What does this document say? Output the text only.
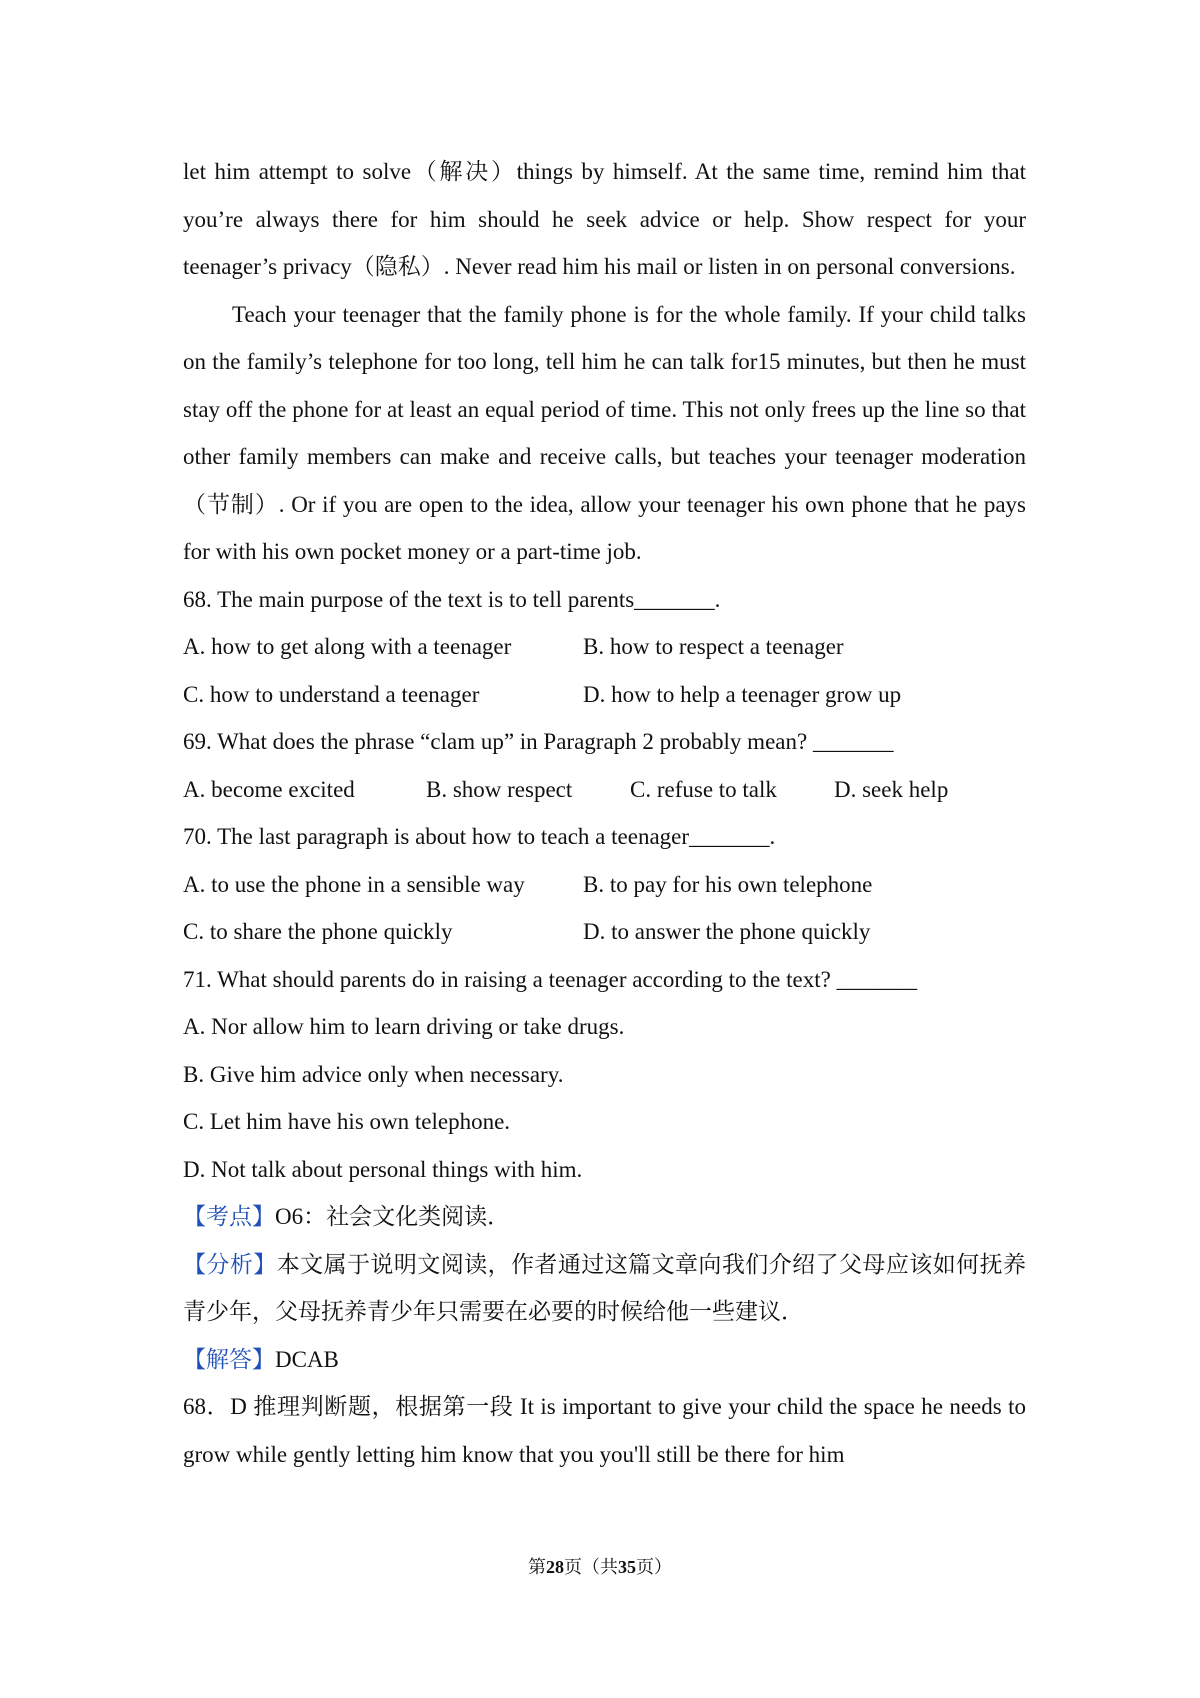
let him attempt to solve（解决）things by himself. At the same time, remind him that you’re always there for him should he seek advice or help. Show respect for your teenager’s privacy（隐私）. Never read him his mail or listen in on personal conversions.

Teach your teenager that the family phone is for the whole family. If your child talks on the family’s telephone for too long, tell him he can talk for15 minutes, but then he must stay off the phone for at least an equal period of time. This not only frees up the line so that other family members can make and receive calls, but teaches your teenager moderation（节制）. Or if you are open to the idea, allow your teenager his own phone that he pays for with his own pocket money or a part-time job.

68. The main purpose of the text is to tell parents_______.

A. how to get along with a teenager	B. how to respect a teenager
C. how to understand a teenager	D. how to help a teenager grow up

69. What does the phrase “clam up” in Paragraph 2 probably mean? _______

A. become excited	B. show respect	C. refuse to talk	D. seek help

70. The last paragraph is about how to teach a teenager_______.

A. to use the phone in a sensible way	B. to pay for his own telephone
C. to share the phone quickly	D. to answer the phone quickly

71. What should parents do in raising a teenager according to the text? _______

A. Nor allow him to learn driving or take drugs.

B. Give him advice only when necessary.

C. Let him have his own telephone.

D. Not talk about personal things with him.

【考点】O6：社会文化类阅读．

【分析】本文属于说明文阅读，作者通过这篇文章向我们介绍了父母应该如何抚养青少年，父母抚养青少年只需要在必要的时候给他一些建议．

【解答】DCAB

68．D 推理判断题，根据第一段 It is important to give your child the space he needs to grow while gently letting him know that you you'll still be there for him

第28页（共35页）
